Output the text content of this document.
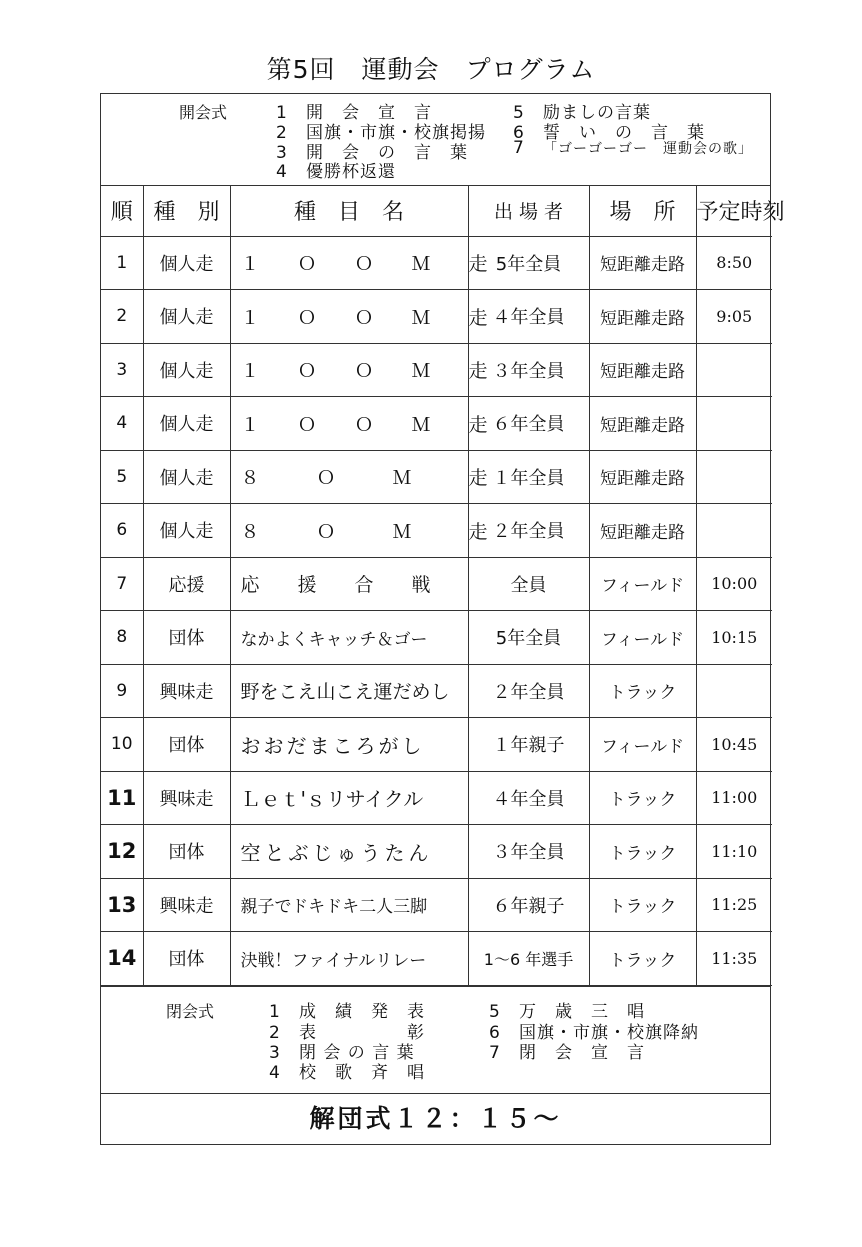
第5回　運動会　プログラム
開会式	1 開　会　宣　言
2 国旗・市旗・校旗掲揚
3 開　会　の　言　葉
4 優勝杯返還
5 励ましの言葉
6 誓　い　の　言　葉
7 「ゴーゴーゴー　運動会の歌」
順	種　別	種　目　名	出 場 者	場　所	予定時刻
1	個人走	１　　Ｏ　　Ｏ　　Ｍ　　走	5年全員	短距離走路	8:50
2	個人走	１　　Ｏ　　Ｏ　　Ｍ　　走	４年全員	短距離走路	9:05
3	個人走	１　　Ｏ　　Ｏ　　Ｍ　　走	３年全員	短距離走路	
4	個人走	１　　Ｏ　　Ｏ　　Ｍ　　走	６年全員	短距離走路	
5	個人走	８　　　Ｏ　　　Ｍ　　　走	１年全員	短距離走路	
6	個人走	８　　　Ｏ　　　Ｍ　　　走	２年全員	短距離走路	
7	応援	応　　援　　合　　戦	全員	フィールド	10:00
8	団体	なかよくキャッチ＆ゴー	5年全員	フィールド	10:15
9	興味走	野をこえ山こえ運だめし	２年全員	トラック	
10	団体	おおだまころがし	１年親子	フィールド	10:45
11	興味走	Ｌｅｔ'ｓリサイクル	４年全員	トラック	11:00
12	団体	空とぶじゅうたん	３年全員	トラック	11:10
13	興味走	親子でドキドキ二人三脚	６年親子	トラック	11:25
14	団体	決戦！ファイナルリレー	1〜6 年選手	トラック	11:35
閉会式	1 成　績　発　表
2 表　　　　　彰
3 閉 会 の 言 葉
4 校　歌　斉　唱
5 万　歳　三　唱
6 国旗・市旗・校旗降納
7 閉　会　宣　言
解団式１２：１５～
